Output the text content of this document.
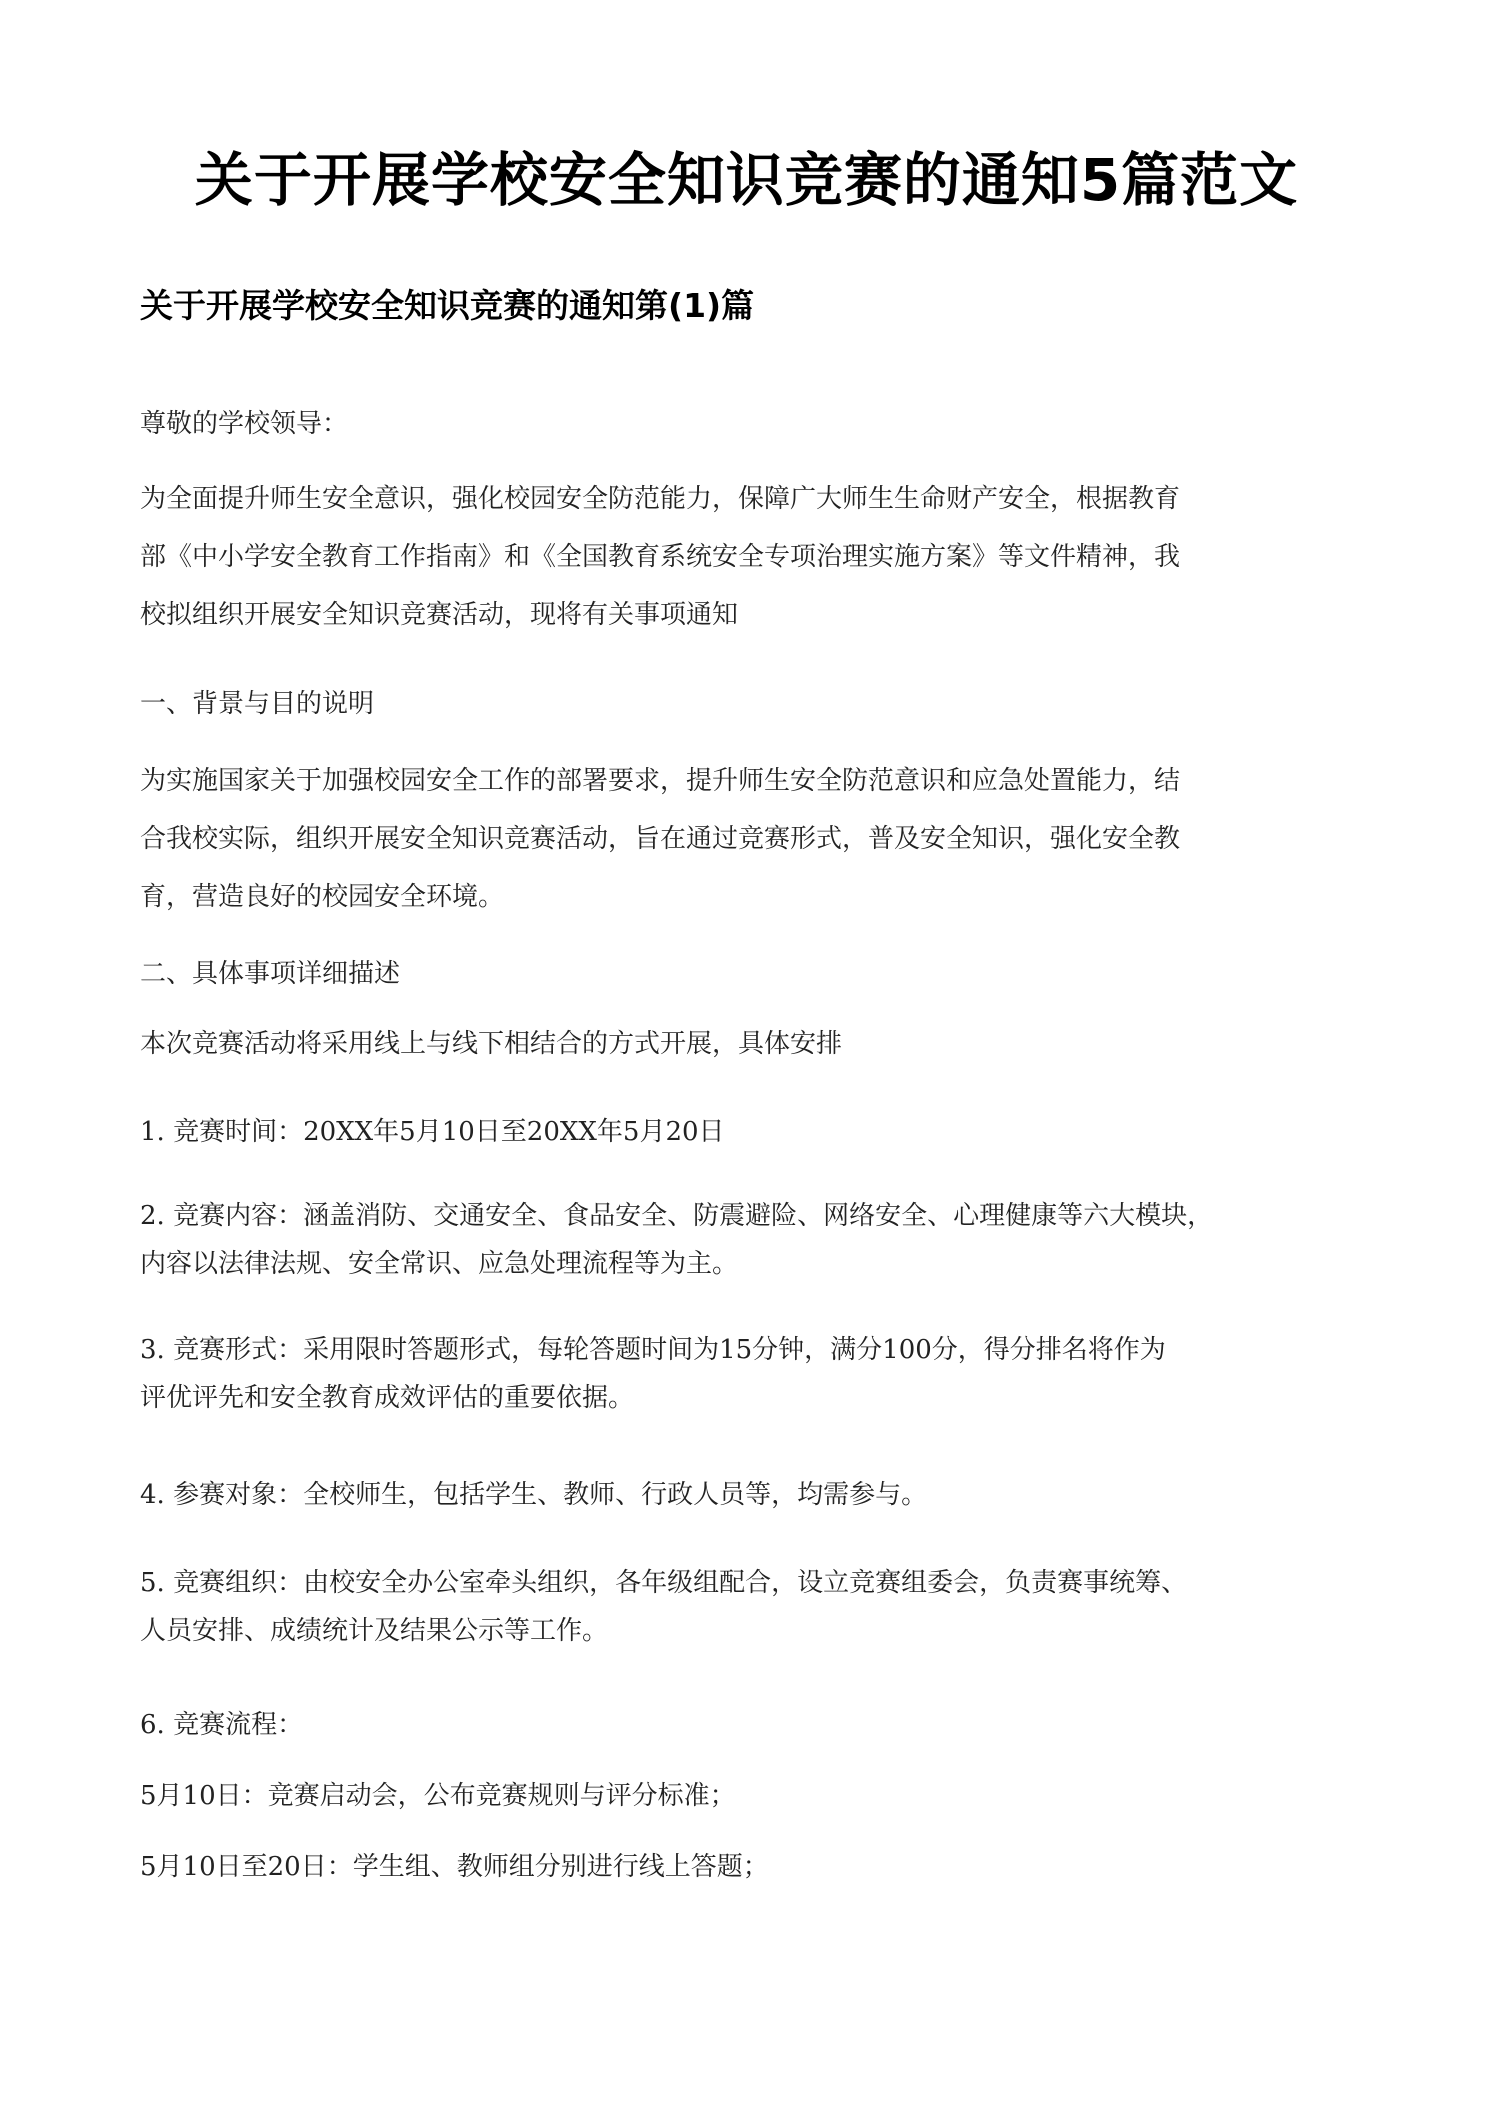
关于开展学校安全知识竞赛的通知5篇范文
关于开展学校安全知识竞赛的通知第(1)篇
尊敬的学校领导：
为全面提升师生安全意识，强化校园安全防范能力，保障广大师生生命财产安全，根据教育
部《中小学安全教育工作指南》和《全国教育系统安全专项治理实施方案》等文件精神，我
校拟组织开展安全知识竞赛活动，现将有关事项通知
一、背景与目的说明
为实施国家关于加强校园安全工作的部署要求，提升师生安全防范意识和应急处置能力，结
合我校实际，组织开展安全知识竞赛活动，旨在通过竞赛形式，普及安全知识，强化安全教
育，营造良好的校园安全环境。
二、具体事项详细描述
本次竞赛活动将采用线上与线下相结合的方式开展，具体安排
1. 竞赛时间：20XX年5月10日至20XX年5月20日
2. 竞赛内容：涵盖消防、交通安全、食品安全、防震避险、网络安全、心理健康等六大模块，
内容以法律法规、安全常识、应急处理流程等为主。
3. 竞赛形式：采用限时答题形式，每轮答题时间为15分钟，满分100分，得分排名将作为
评优评先和安全教育成效评估的重要依据。
4. 参赛对象：全校师生，包括学生、教师、行政人员等，均需参与。
5. 竞赛组织：由校安全办公室牵头组织，各年级组配合，设立竞赛组委会，负责赛事统筹、
人员安排、成绩统计及结果公示等工作。
6. 竞赛流程：
5月10日：竞赛启动会，公布竞赛规则与评分标准；
5月10日至20日：学生组、教师组分别进行线上答题；
